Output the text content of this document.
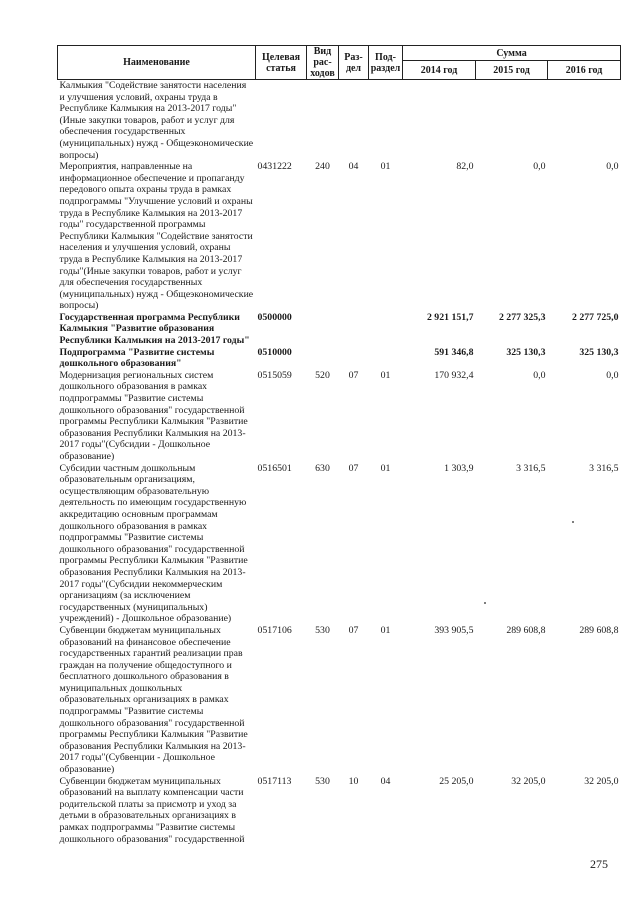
Наименование	Целевая статья	Вид рас-ходов	Раз-дел	Под-раздел	Сумма		
					2014 год	2015 год	2016 год
Калмыкия "Содействие занятости населения и улучшения условий, охраны труда в Республике Калмыкия на 2013-2017 годы"(Иные закупки товаров, работ и услуг для обеспечения государственных (муниципальных) нужд - Общеэкономические вопросы)							
Мероприятия, направленные на информационное обеспечение и пропаганду передового опыта охраны труда в рамках подпрограммы "Улучшение условий и охраны труда в Республике Калмыкия на 2013-2017 годы" государственной программы Республики Калмыкия "Содействие занятости населения и улучшения условий, охраны труда в Республике Калмыкия на 2013-2017 годы"(Иные закупки товаров, работ и услуг для обеспечения государственных (муниципальных) нужд - Общеэкономические вопросы)	0431222	240	04	01	82,0	0,0	0,0
Государственная программа Республики Калмыкия "Развитие образования Республики Калмыкия на 2013-2017 годы"	0500000				2 921 151,7	2 277 325,3	2 277 725,0
Подпрограмма "Развитие системы дошкольного образования"	0510000				591 346,8	325 130,3	325 130,3
Модернизация региональных систем дошкольного образования в рамках подпрограммы "Развитие системы дошкольного образования" государственной программы Республики Калмыкия "Развитие образования Республики Калмыкия на 2013-2017 годы"(Субсидии - Дошкольное образование)	0515059	520	07	01	170 932,4	0,0	0,0
Субсидии частным дошкольным образовательным организациям, осуществляющим образовательную деятельность по имеющим государственную аккредитацию основным программам дошкольного образования в рамках подпрограммы "Развитие системы дошкольного образования" государственной программы Республики Калмыкия "Развитие образования Республики Калмыкия на 2013-2017 годы"(Субсидии некоммерческим организациям (за исключением государственных (муниципальных) учреждений) - Дошкольное образование)	0516501	630	07	01	1 303,9	3 316,5	3 316,5
Субвенции бюджетам муниципальных образований на финансовое обеспечение государственных гарантий реализации прав граждан на получение общедоступного и бесплатного дошкольного образования в муниципальных дошкольных образовательных организациях в рамках подпрограммы "Развитие системы дошкольного образования" государственной программы Республики Калмыкия "Развитие образования Республики Калмыкия на 2013-2017 годы"(Субвенции - Дошкольное образование)	0517106	530	07	01	393 905,5	289 608,8	289 608,8
Субвенции бюджетам муниципальных образований на выплату компенсации части родительской платы за присмотр и уход за детьми в образовательных организациях в рамках подпрограммы "Развитие системы дошкольного образования" государственной	0517113	530	10	04	25 205,0	32 205,0	32 205,0
275
